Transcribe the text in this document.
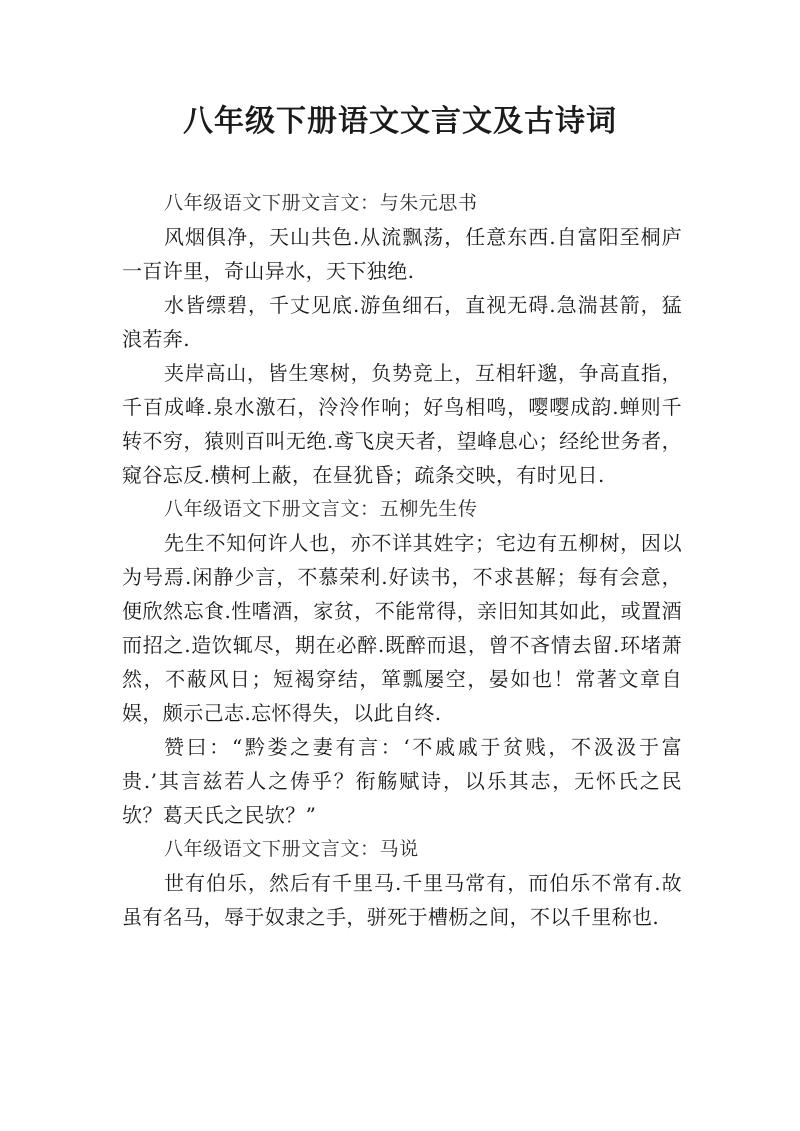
八年级下册语文文言文及古诗词

八年级语文下册文言文：与朱元思书

风烟俱净，天山共色.从流飘荡，任意东西.自富阳至桐庐一百许里，奇山异水，天下独绝.

水皆缥碧，千丈见底.游鱼细石，直视无碍.急湍甚箭，猛浪若奔.

夹岸高山，皆生寒树，负势竞上，互相轩邈，争高直指，千百成峰.泉水激石，泠泠作响；好鸟相鸣，嘤嘤成韵.蝉则千转不穷，猿则百叫无绝.鸢飞戾天者，望峰息心；经纶世务者，窥谷忘反.横柯上蔽，在昼犹昏；疏条交映，有时见日.

八年级语文下册文言文：五柳先生传

先生不知何许人也，亦不详其姓字；宅边有五柳树，因以为号焉.闲静少言，不慕荣利.好读书，不求甚解；每有会意，便欣然忘食.性嗜酒，家贫，不能常得，亲旧知其如此，或置酒而招之.造饮辄尽，期在必醉.既醉而退，曾不吝情去留.环堵萧然，不蔽风日；短褐穿结，箪瓢屡空，晏如也！常著文章自娱，颇示己志.忘怀得失，以此自终.

赞曰：“黔娄之妻有言：‘不戚戚于贫贱，不汲汲于富贵.’其言兹若人之俦乎？衔觞赋诗，以乐其志，无怀氏之民欤？葛天氏之民欤？”

八年级语文下册文言文：马说

世有伯乐，然后有千里马.千里马常有，而伯乐不常有.故虽有名马，辱于奴隶之手，骈死于槽枥之间，不以千里称也.
